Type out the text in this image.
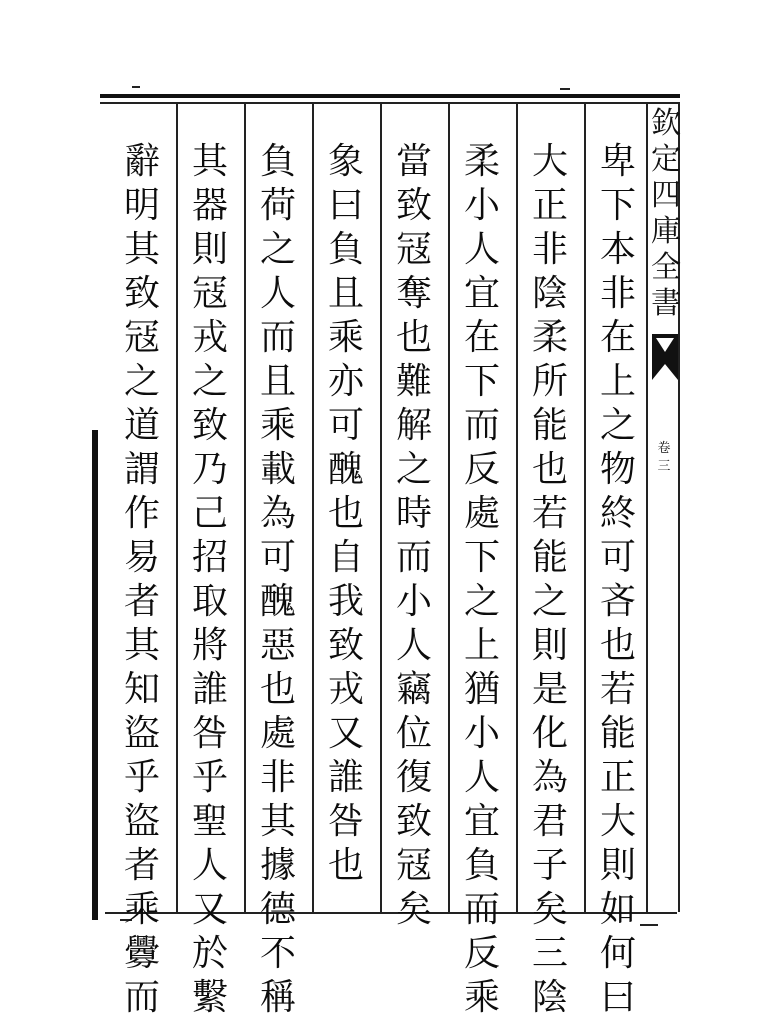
欽
定
四
庫
全
書
卷
三
卑
下
本
非
在
上
之
物
終
可
吝
也
若
能
正
大
則
如
何
曰
大
正
非
陰
柔
所
能
也
若
能
之
則
是
化
為
君
子
矣
三
陰
柔
小
人
宜
在
下
而
反
處
下
之
上
猶
小
人
宜
負
而
反
乘
當
致
冦
奪
也
難
解
之
時
而
小
人
竊
位
復
致
冦
矣
象
曰
負
且
乘
亦
可
醜
也
自
我
致
戎
又
誰
咎
也
負
荷
之
人
而
且
乘
載
為
可
醜
惡
也
處
非
其
據
德
不
稱
其
器
則
冦
戎
之
致
乃
己
招
取
將
誰
咎
乎
聖
人
又
於
繫
辭
明
其
致
冦
之
道
謂
作
易
者
其
知
盜
乎
盜
者
乘
釁
而
